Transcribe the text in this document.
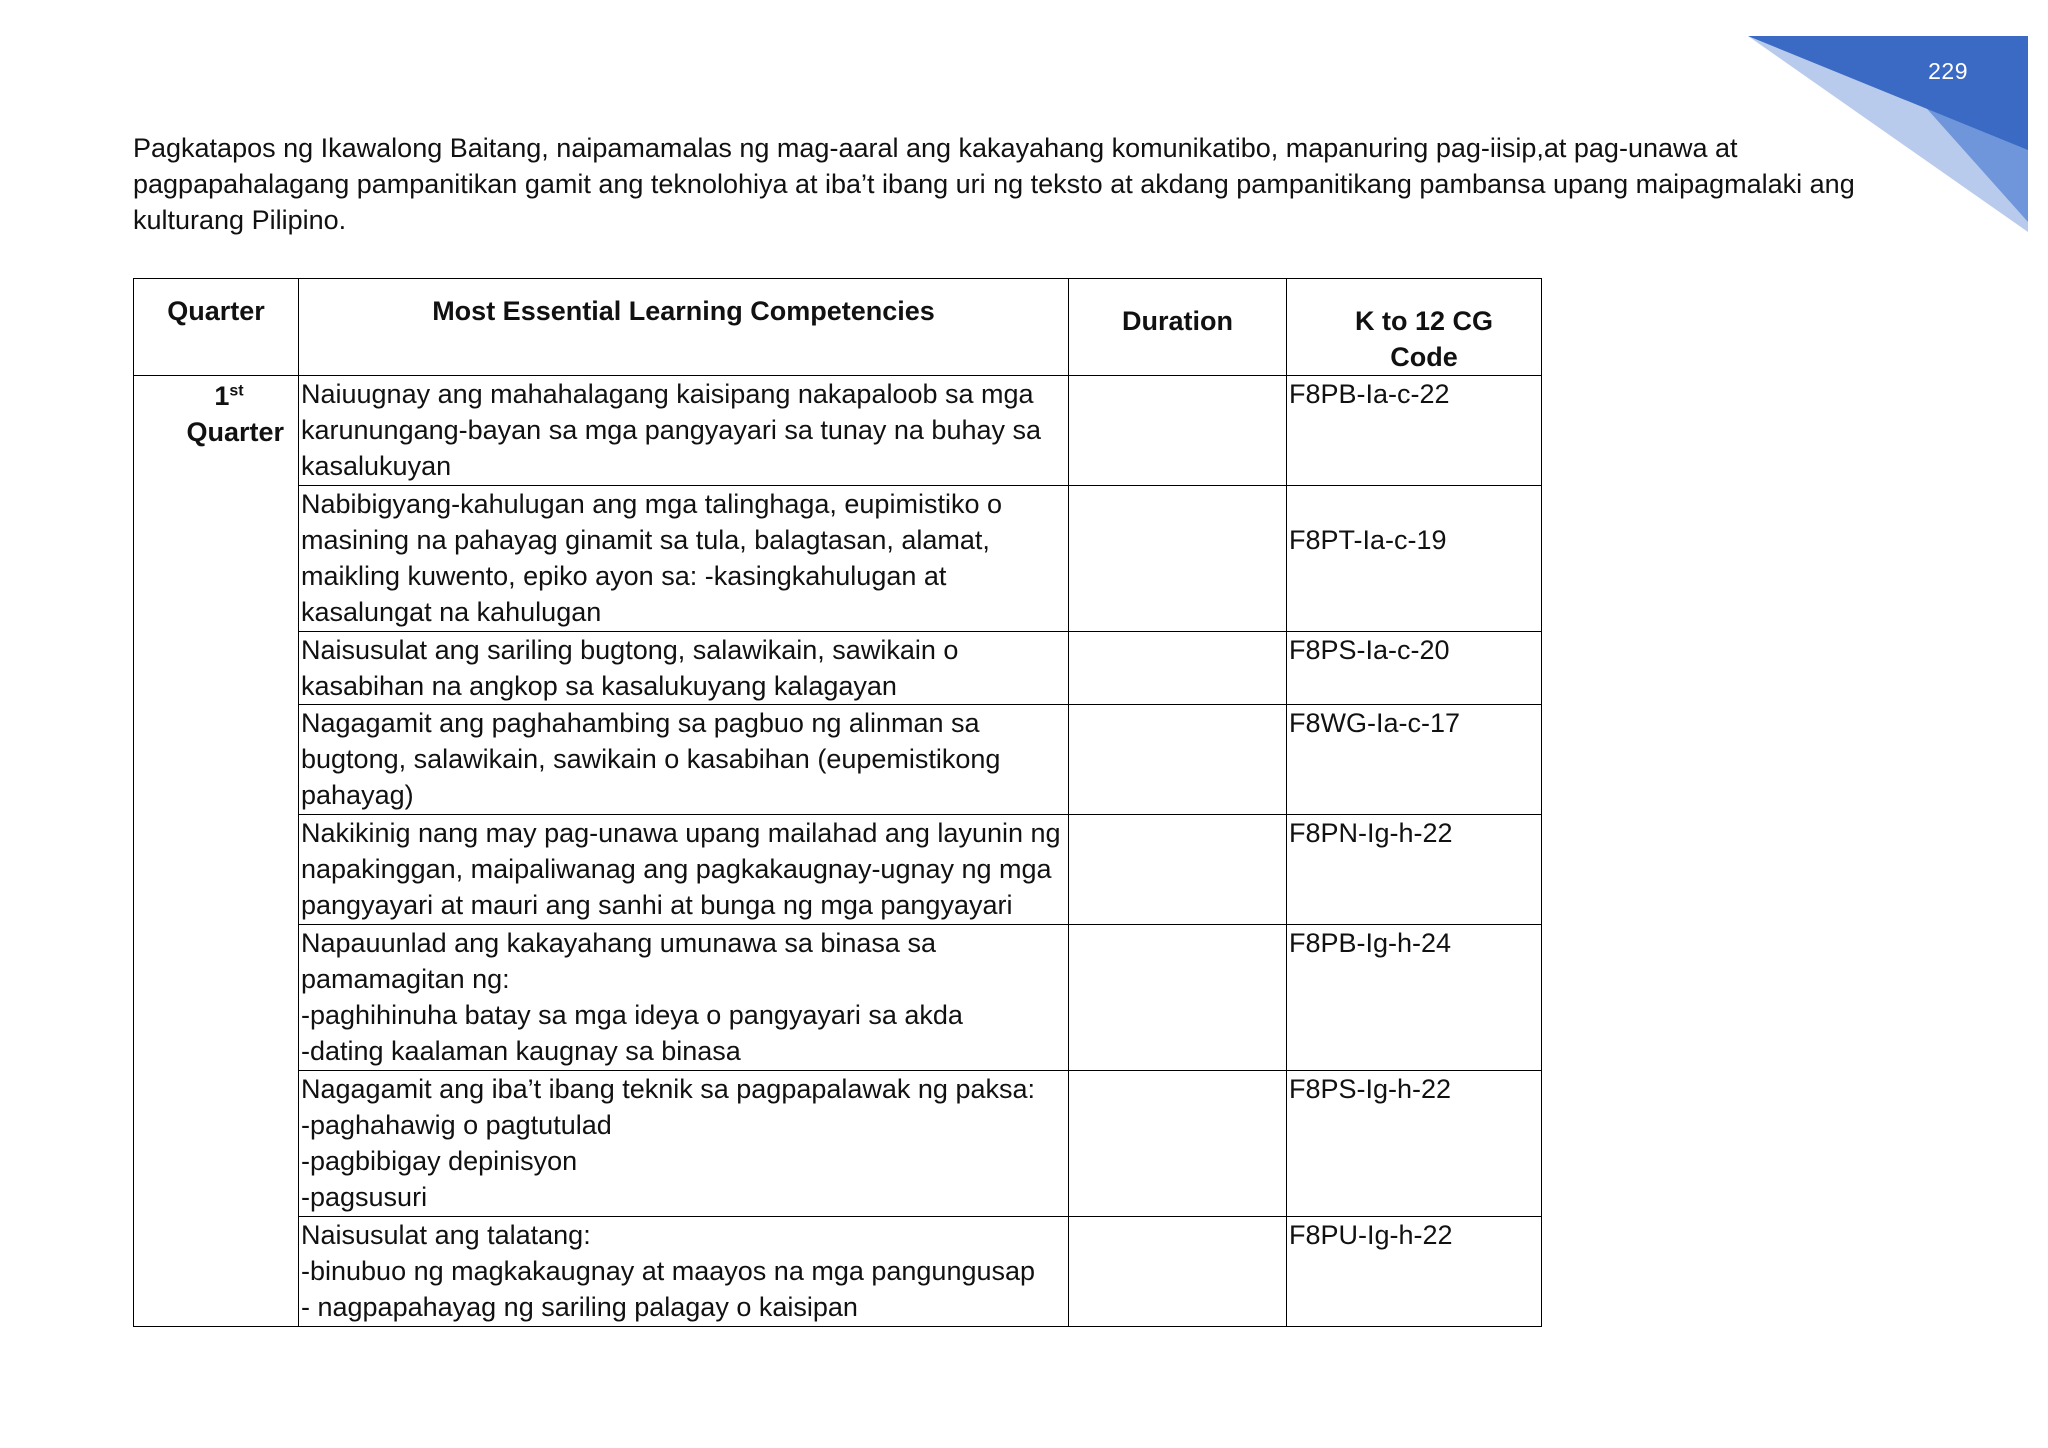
229

Pagkatapos ng Ikawalong Baitang, naipamamalas ng mag-aaral ang kakayahang komunikatibo, mapanuring pag-iisip,at pag-unawa at pagpapahalagang pampanitikan gamit ang teknolohiya at iba’t ibang uri ng teksto at akdang pampanitikang pambansa upang maipagmalaki ang kulturang Pilipino.

Quarter	Most Essential Learning Competencies	Duration	K to 12 CG Code

1st
Quarter	Naiuugnay ang mahahalagang kaisipang nakapaloob sa mga karunungang-bayan sa mga pangyayari sa tunay na buhay sa kasalukuyan		F8PB-Ia-c-22
	Nabibigyang-kahulugan ang mga talinghaga, eupimistiko o masining na pahayag ginamit sa tula, balagtasan, alamat, maikling kuwento, epiko ayon sa: -kasingkahulugan at kasalungat na kahulugan		F8PT-Ia-c-19
	Naisusulat ang sariling bugtong, salawikain, sawikain o kasabihan na angkop sa kasalukuyang kalagayan		F8PS-Ia-c-20
	Nagagamit ang paghahambing sa pagbuo ng alinman sa bugtong, salawikain, sawikain o kasabihan (eupemistikong pahayag)		F8WG-Ia-c-17
	Nakikinig nang may pag-unawa upang mailahad ang layunin ng napakinggan, maipaliwanag ang pagkakaugnay-ugnay ng mga pangyayari at mauri ang sanhi at bunga ng mga pangyayari		F8PN-Ig-h-22
	Napauunlad ang kakayahang umunawa sa binasa sa pamamagitan ng:
-paghihinuha batay sa mga ideya o pangyayari sa akda
-dating kaalaman kaugnay sa binasa		F8PB-Ig-h-24
	Nagagamit ang iba’t ibang teknik sa pagpapalawak ng paksa:
-paghahawig o pagtutulad
-pagbibigay depinisyon
-pagsusuri		F8PS-Ig-h-22
	Naisusulat ang talatang:
-binubuo ng magkakaugnay at maayos na mga pangungusap
- nagpapahayag ng sariling palagay o kaisipan		F8PU-Ig-h-22
